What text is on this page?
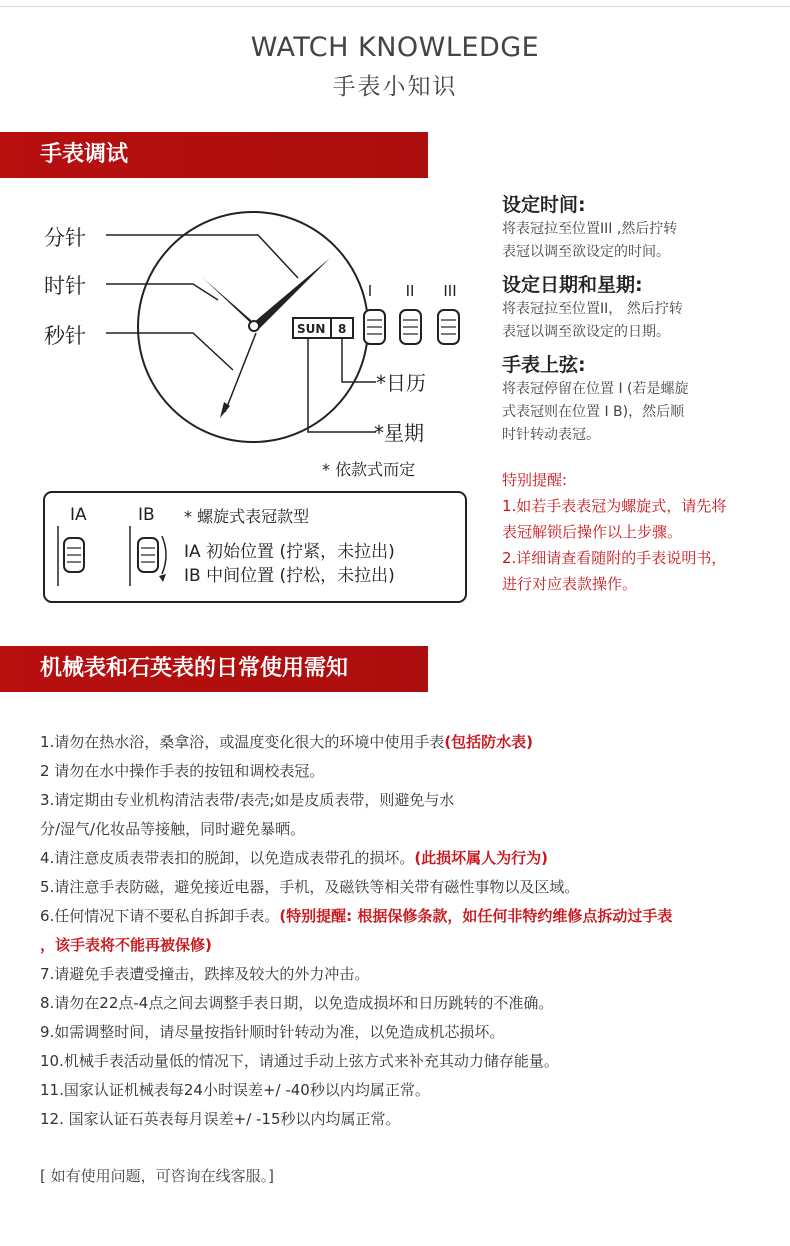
WATCH KNOWLEDGE
手表小知识
手表调试
分针
时针
秒针	SUN 8
*日历
*星期
* 依款式而定
I II III
IA	IB * 螺旋式表冠款型
IA 初始位置 (拧紧，未拉出)
IB 中间位置 (拧松，未拉出)
设定时间:
将表冠拉至位置III ,然后拧转
表冠以调至欲设定的时间。
设定日期和星期:
将表冠拉至位置II， 然后拧转
表冠以调至欲设定的日期。
手表上弦:
将表冠停留在位置 I (若是螺旋
式表冠则在位置 I B)，然后顺
时针转动表冠。
特别提醒:
1.如若手表表冠为螺旋式，请先将
表冠解锁后操作以上步骤。
2.详细请查看随附的手表说明书，
进行对应表款操作。
机械表和石英表的日常使用需知
1.请勿在热水浴，桑拿浴，或温度变化很大的环境中使用手表(包括防水表)
2 请勿在水中操作手表的按钮和调校表冠。
3.请定期由专业机构清洁表带/表壳;如是皮质表带，则避免与水
分/湿气/化妆品等接触，同时避免暴晒。
4.请注意皮质表带表扣的脱卸，以免造成表带孔的损坏。(此损坏属人为行为)
5.请注意手表防磁，避免接近电器，手机，及磁铁等相关带有磁性事物以及区域。
6.任何情况下请不要私自拆卸手表。(特别提醒: 根据保修条款，如任何非特约维修点拆动过手表
，该手表将不能再被保修)
7.请避免手表遭受撞击，跌摔及较大的外力冲击。
8.请勿在22点-4点之间去调整手表日期，以免造成损坏和日历跳转的不准确。
9.如需调整时间，请尽量按指针顺时针转动为准，以免造成机芯损坏。
10.机械手表活动量低的情况下，请通过手动上弦方式来补充其动力储存能量。
11.国家认证机械表每24小时误差+/ -40秒以内均属正常。
12. 国家认证石英表每月误差+/ -15秒以内均属正常。
[ 如有使用问题，可咨询在线客服。]
